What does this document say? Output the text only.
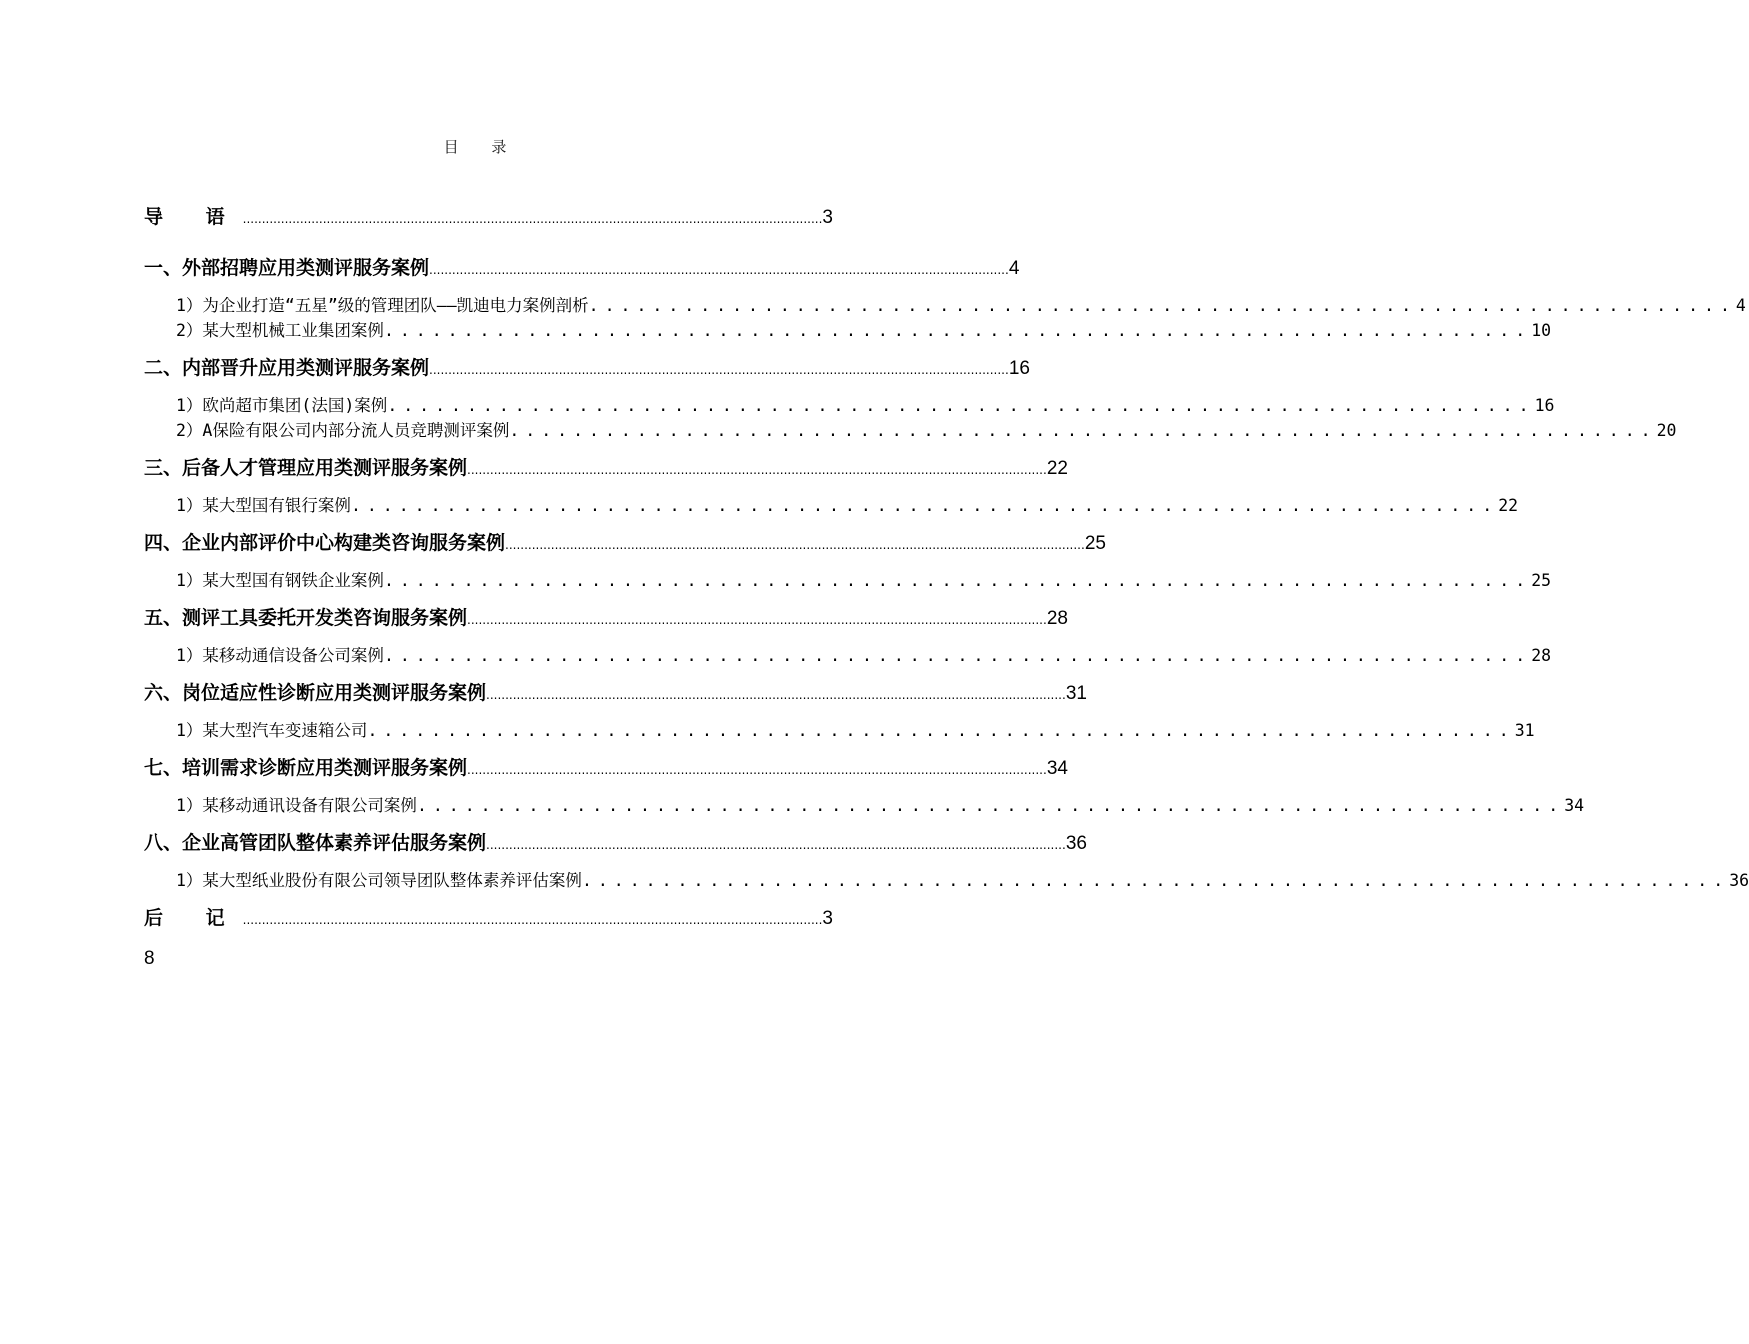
目 录
导 语 ........................................................................................................................................................ 3
一、外部招聘应用类测评服务案例 ........................................................................................................................................................ 4
1）为企业打造“五星”级的管理团队——凯迪电力案例剖析 ........................................................................ 4
2）某大型机械工业集团案例 ........................................................................ 10
二、内部晋升应用类测评服务案例 ........................................................................................................................................................ 16
1）欧尚超市集团(法国)案例 ........................................................................ 16
2）A保险有限公司内部分流人员竞聘测评案例 ........................................................................ 20
三、后备人才管理应用类测评服务案例 ........................................................................................................................................................ 22
1）某大型国有银行案例 ........................................................................ 22
四、企业内部评价中心构建类咨询服务案例 ........................................................................................................................................................ 25
1）某大型国有钢铁企业案例 ........................................................................ 25
五、测评工具委托开发类咨询服务案例 ........................................................................................................................................................ 28
1）某移动通信设备公司案例 ........................................................................ 28
六、岗位适应性诊断应用类测评服务案例 ........................................................................................................................................................ 31
1）某大型汽车变速箱公司 ........................................................................ 31
七、培训需求诊断应用类测评服务案例 ........................................................................................................................................................ 34
1）某移动通讯设备有限公司案例 ........................................................................ 34
八、企业高管团队整体素养评估服务案例 ........................................................................................................................................................ 36
1）某大型纸业股份有限公司领导团队整体素养评估案例 ........................................................................ 36
后 记 ........................................................................................................................................................ 3
8
